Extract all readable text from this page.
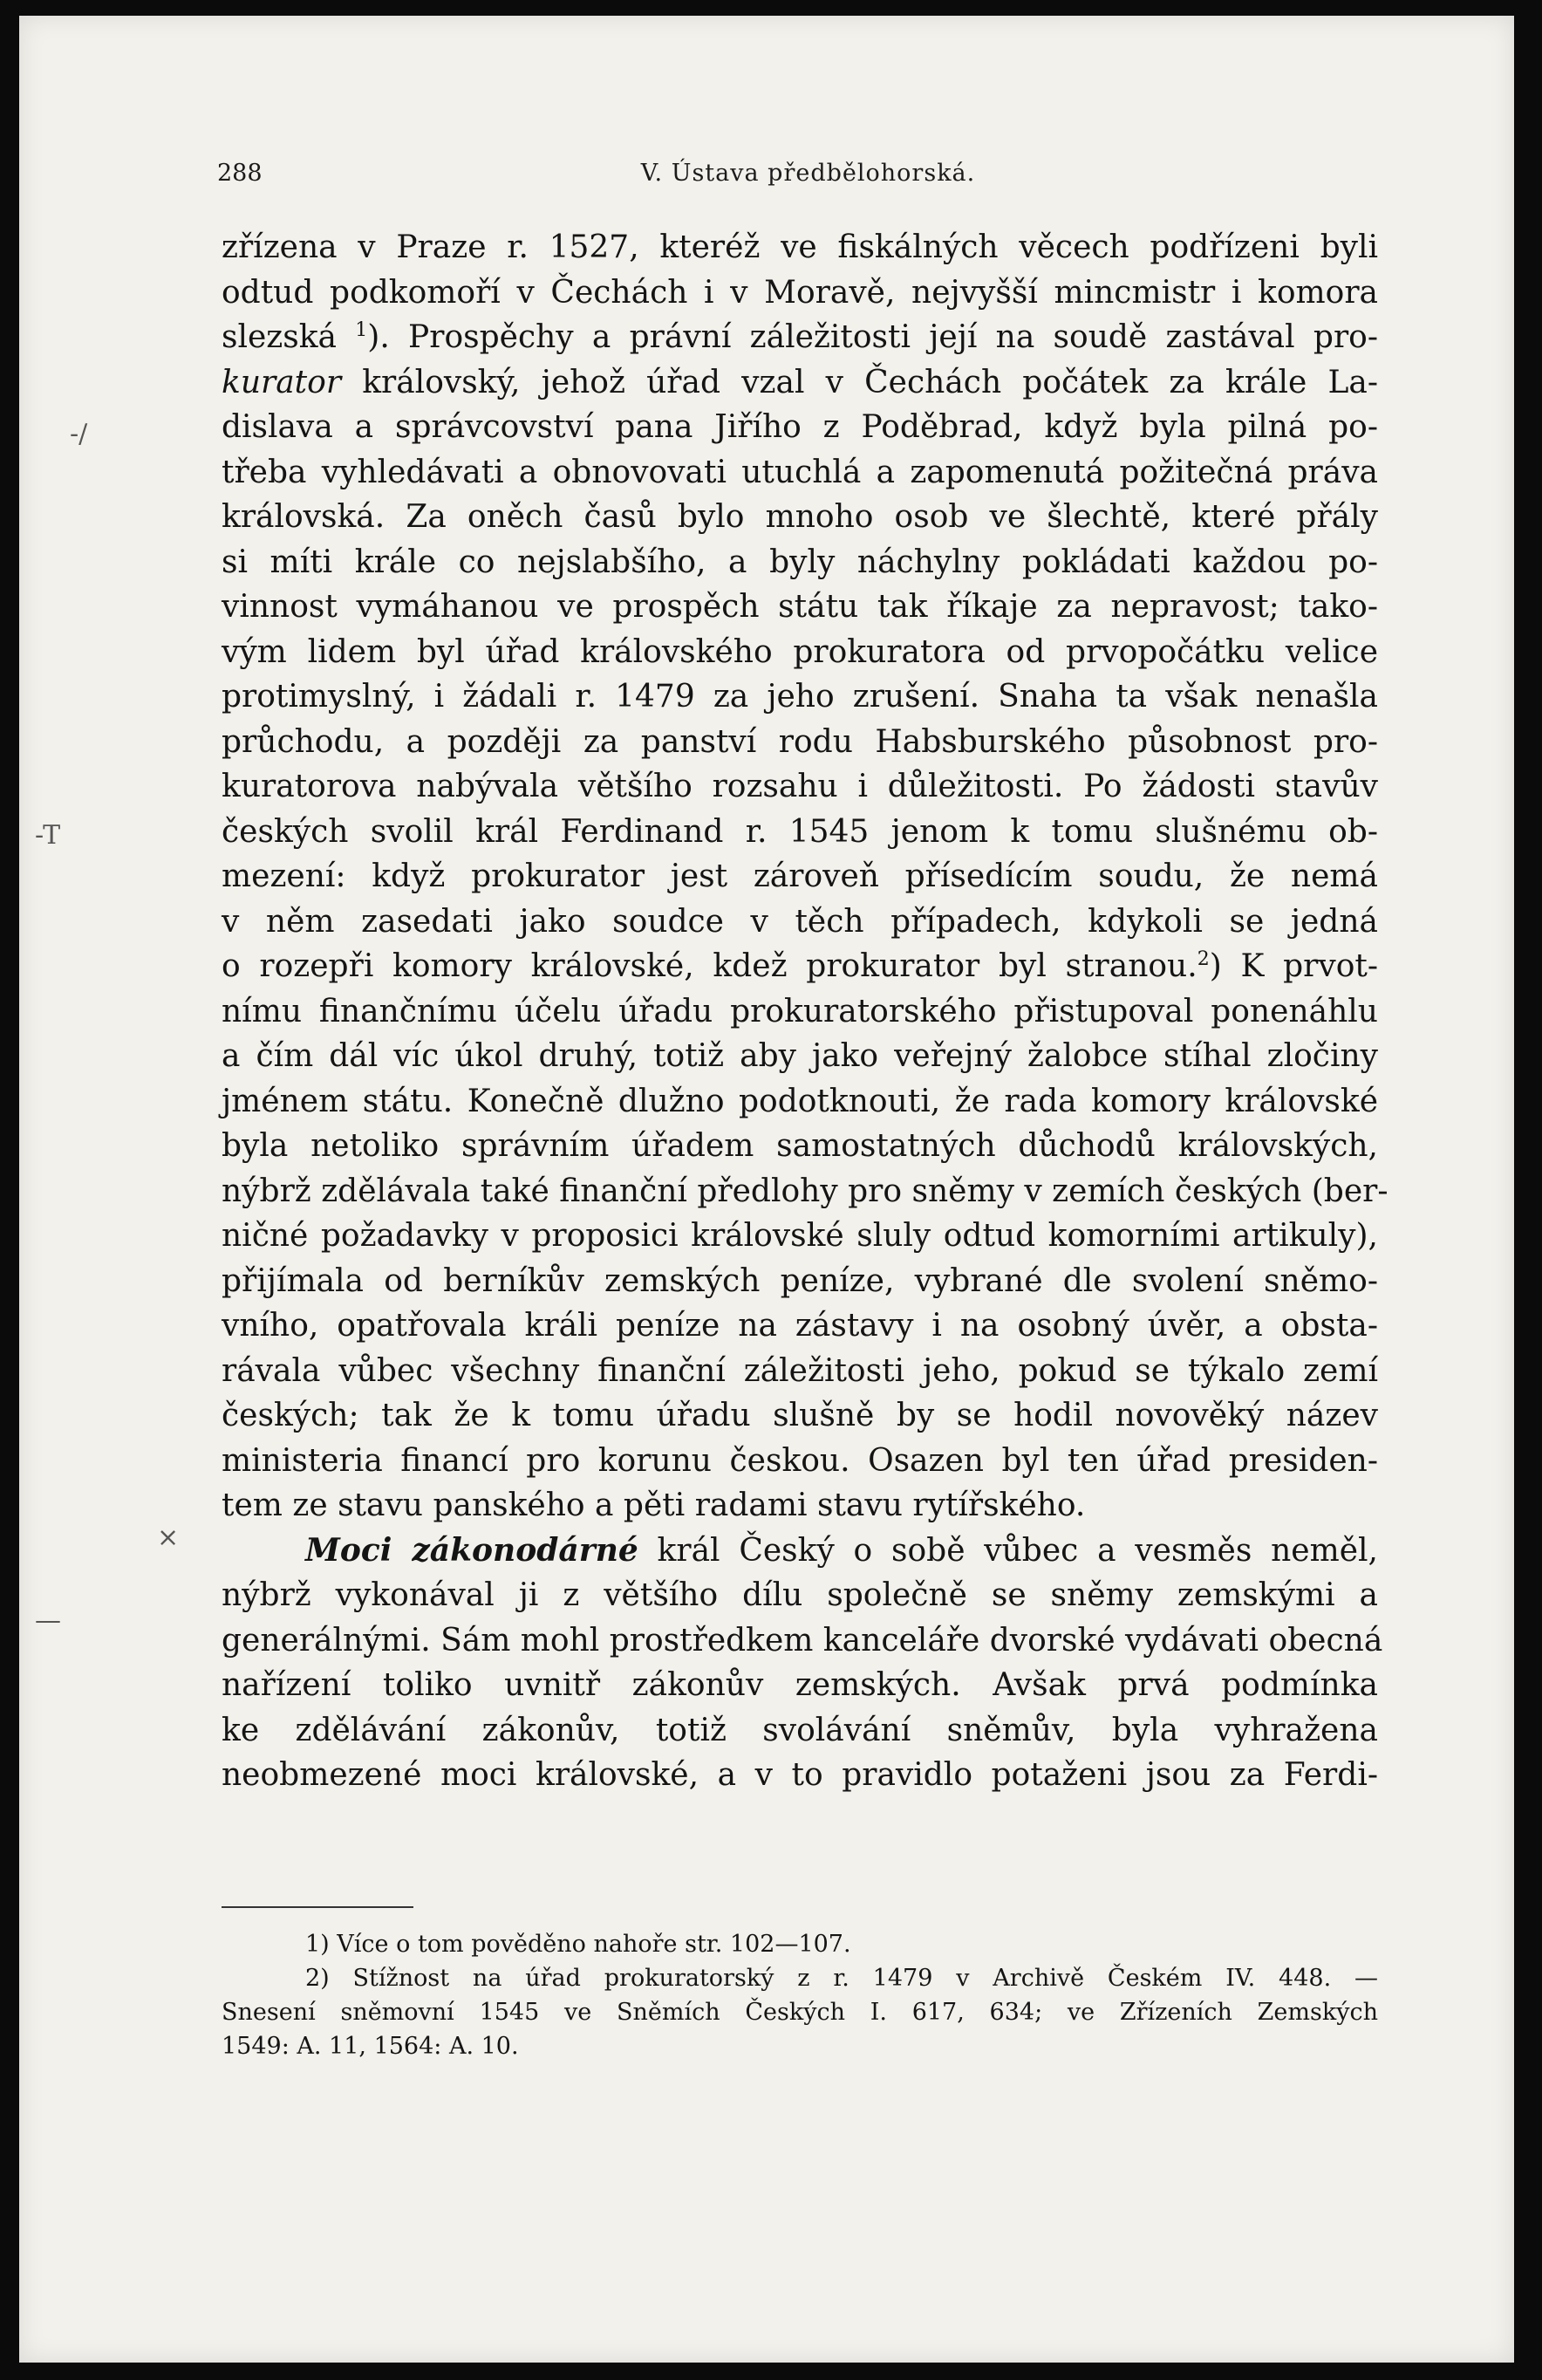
288	V. Ústava předbělohorská.
zřízena v Praze r. 1527, kteréž ve fiskálných věcech podřízeni byli
odtud podkomoří v Čechách i v Moravě, nejvyšší mincmistr i komora
slezská $^1$). Prospěchy a právní záležitosti její na soudě zastával pro-
kurator královský, jehož úřad vzal v Čechách počátek za krále La-
dislava a správcovství pana Jiřího z Poděbrad, když byla pilná po-
třeba vyhledávati a obnovovati utuchlá a zapomenutá požitečná práva
královská. Za oněch časů bylo mnoho osob ve šlechtě, které přály
si míti krále co nejslabšího, a byly náchylny pokládati každou po-
vinnost vymáhanou ve prospěch státu tak říkaje za nepravost; tako-
vým lidem byl úřad královského prokuratora od prvopočátku velice
protimyslný, i žádali r. 1479 za jeho zrušení. Snaha ta však nenašla
průchodu, a později za panství rodu Habsburského působnost pro-
kuratorova nabývala většího rozsahu i důležitosti. Po žádosti stavův
českých svolil král Ferdinand r. 1545 jenom k tomu slušnému ob-
mezení: když prokurator jest zároveň přísedícím soudu, že nemá
v něm zasedati jako soudce v těch případech, kdykoli se jedná
o rozepři komory královské, kdež prokurator byl stranou.$^2$) K prvot-
nímu finančnímu účelu úřadu prokuratorského přistupoval ponenáhlu
a čím dál víc úkol druhý, totiž aby jako veřejný žalobce stíhal zločiny
jménem státu. Konečně dlužno podotknouti, že rada komory královské
byla netoliko správním úřadem samostatných důchodů královských,
nýbrž zdělávala také finanční předlohy pro sněmy v zemích českých (ber-
ničné požadavky v proposici královské sluly odtud komorními artikuly),
přijímala od berníkův zemských peníze, vybrané dle svolení sněmo-
vního, opatřovala králi peníze na zástavy i na osobný úvěr, a obsta-
rávala vůbec všechny finanční záležitosti jeho, pokud se týkalo zemí
českých; tak že k tomu úřadu slušně by se hodil novověký název
ministeria financí pro korunu českou. Osazen byl ten úřad presiden-
tem ze stavu panského a pěti radami stavu rytířského.
Moci zákonodárné král Český o sobě vůbec a vesměs neměl,
nýbrž vykonával ji z většího dílu společně se sněmy zemskými a
generálnými. Sám mohl prostředkem kanceláře dvorské vydávati obecná
nařízení toliko uvnitř zákonův zemských. Avšak prvá podmínka
ke zdělávání zákonův, totiž svolávání sněmův, byla vyhražena
neobmezené moci královské, a v to pravidlo potaženi jsou za Ferdi-
1) Více o tom pověděno nahoře str. 102—107.
2) Stížnost na úřad prokuratorský z r. 1479 v Archivě Českém IV. 448. —
Snesení sněmovní 1545 ve Sněmích Českých I. 617, 634; ve Zřízeních Zemských
1549: A. 11, 1564: A. 10.
-/
-T
×
—
